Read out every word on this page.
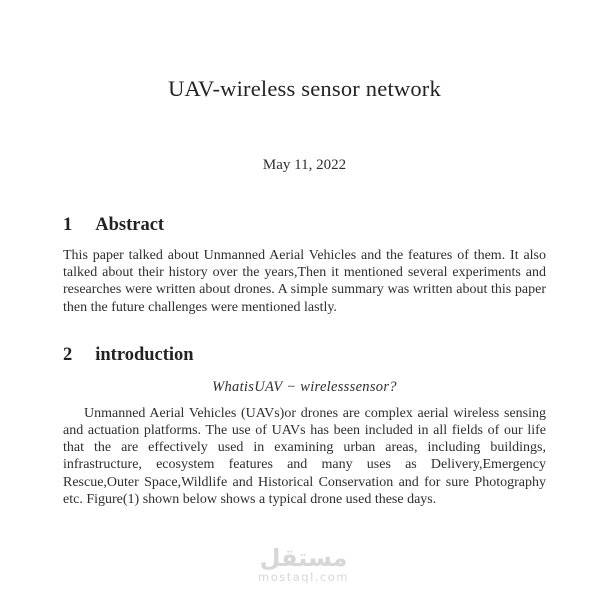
UAV-wireless sensor network
May 11, 2022
1 Abstract
This paper talked about Unmanned Aerial Vehicles and the features of them. It also talked about their history over the years,Then it mentioned several experiments and researches were written about drones. A simple summary was written about this paper then the future challenges were mentioned lastly.
2 introduction
WhatisUAV − wirelesssensor?
Unmanned Aerial Vehicles (UAVs)or drones are complex aerial wireless sensing and actuation platforms. The use of UAVs has been included in all fields of our life that the are effectively used in examining urban areas, including buildings, infrastructure, ecosystem features and many uses as Delivery,Emergency Rescue,Outer Space,Wildlife and Historical Conservation and for sure Photography etc. Figure(1) shown below shows a typical drone used these days.
مستقل
mostaql.com
